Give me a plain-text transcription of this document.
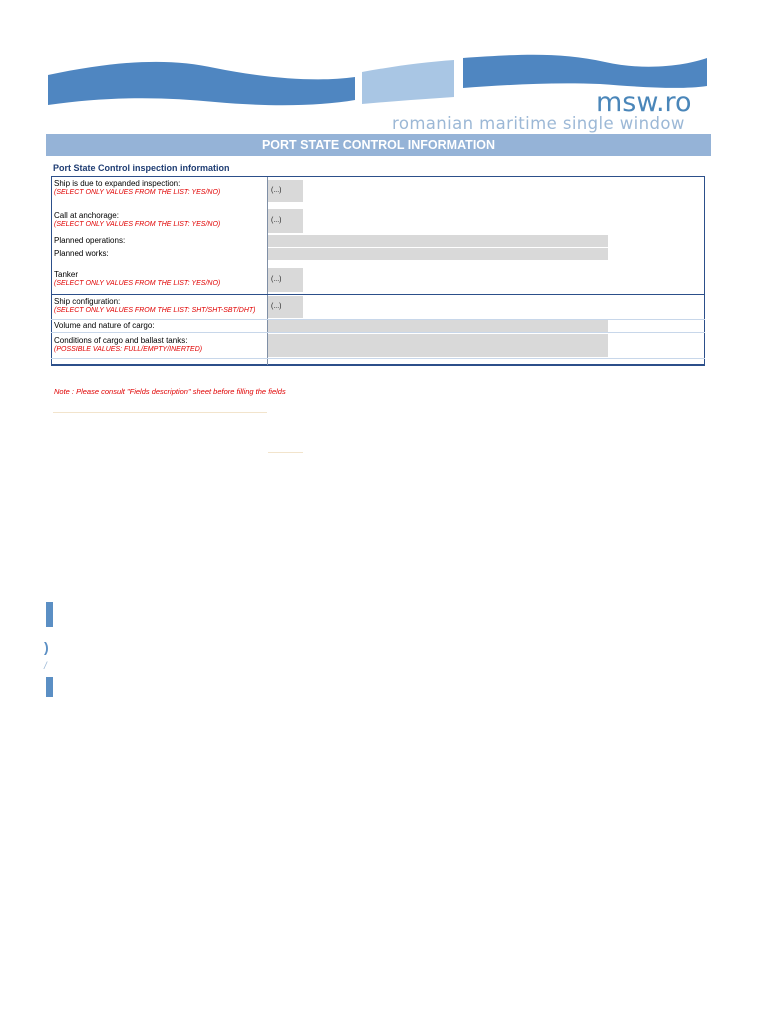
msw.ro
romanian maritime single window
PORT STATE CONTROL INFORMATION
Port State Control inspection information
Ship is due to expanded inspection:
(SELECT ONLY VALUES FROM THE LIST: YES/NO)	(...)
Call at anchorage:
(SELECT ONLY VALUES FROM THE LIST: YES/NO)
(...)
Planned operations:
Planned works:
Tanker
(SELECT ONLY VALUES FROM THE LIST: YES/NO)
(...)
Ship configuration:
(SELECT ONLY VALUES FROM THE LIST: SHT/SHT-SBT/DHT)
(...)
Volume and nature of cargo:
Conditions of cargo and ballast tanks:
(POSSIBLE VALUES: FULL/EMPTY/INERTED)
Note : Please consult "Fields description" sheet before filling the fields
)
/
